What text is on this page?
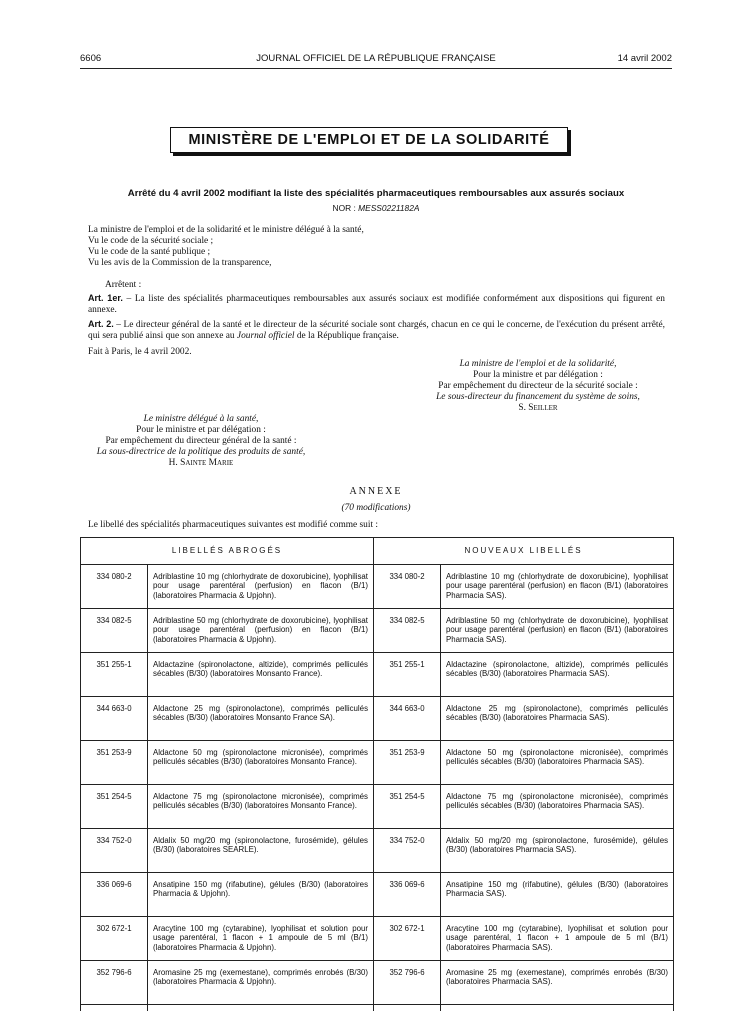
6606	JOURNAL OFFICIEL DE LA RÉPUBLIQUE FRANÇAISE	14 avril 2002
MINISTÈRE DE L'EMPLOI ET DE LA SOLIDARITÉ
Arrêté du 4 avril 2002 modifiant la liste des spécialités pharmaceutiques remboursables aux assurés sociaux
NOR : MESS0221182A
La ministre de l'emploi et de la solidarité et le ministre délégué à la santé,
Vu le code de la sécurité sociale ;
Vu le code de la santé publique ;
Vu les avis de la Commission de la transparence,
Arrêtent :
Art. 1er. – La liste des spécialités pharmaceutiques remboursables aux assurés sociaux est modifiée conformément aux dispositions qui figurent en annexe.
Art. 2. – Le directeur général de la santé et le directeur de la sécurité sociale sont chargés, chacun en ce qui le concerne, de l'exécution du présent arrêté, qui sera publié ainsi que son annexe au Journal officiel de la République française.
Fait à Paris, le 4 avril 2002.
La ministre de l'emploi et de la solidarité,
Pour la ministre et par délégation :
Par empêchement du directeur de la sécurité sociale :
Le sous-directeur du financement du système de soins,
S. Seiller
Le ministre délégué à la santé,
Pour le ministre et par délégation :
Par empêchement du directeur général de la santé :
La sous-directrice de la politique des produits de santé,
H. Sainte Marie
ANNEXE
(70 modifications)
Le libellé des spécialités pharmaceutiques suivantes est modifié comme suit :
LIBELLÉS ABROGÉS		NOUVEAUX LIBELLÉS	
334 080-2	Adriblastine 10 mg (chlorhydrate de doxorubicine), lyophilisat pour usage parentéral (perfusion) en flacon (B/1) (laboratoires Pharmacia & Upjohn).	334 080-2	Adriblastine 10 mg (chlorhydrate de doxorubicine), lyophilisat pour usage parentéral (perfusion) en flacon (B/1) (laboratoires Pharmacia SAS).
334 082-5	Adriblastine 50 mg (chlorhydrate de doxorubicine), lyophilisat pour usage parentéral (perfusion) en flacon (B/1) (laboratoires Pharmacia & Upjohn).	334 082-5	Adriblastine 50 mg (chlorhydrate de doxorubicine), lyophilisat pour usage parentéral (perfusion) en flacon (B/1) (laboratoires Pharmacia SAS).
351 255-1	Aldactazine (spironolactone, altizide), comprimés pelliculés sécables (B/30) (laboratoires Monsanto France).	351 255-1	Aldactazine (spironolactone, altizide), comprimés pelliculés sécables (B/30) (laboratoires Pharmacia SAS).
344 663-0	Aldactone 25 mg (spironolactone), comprimés pelliculés sécables (B/30) (laboratoires Monsanto France SA).	344 663-0	Aldactone 25 mg (spironolactone), comprimés pelliculés sécables (B/30) (laboratoires Pharmacia SAS).
351 253-9	Aldactone 50 mg (spironolactone micronisée), comprimés pelliculés sécables (B/30) (laboratoires Monsanto France).	351 253-9	Aldactone 50 mg (spironolactone micronisée), comprimés pelliculés sécables (B/30) (laboratoires Pharmacia SAS).
351 254-5	Aldactone 75 mg (spironolactone micronisée), comprimés pelliculés sécables (B/30) (laboratoires Monsanto France).	351 254-5	Aldactone 75 mg (spironolactone micronisée), comprimés pelliculés sécables (B/30) (laboratoires Pharmacia SAS).
334 752-0	Aldalix 50 mg/20 mg (spironolactone, furosémide), gélules (B/30) (laboratoires SEARLE).	334 752-0	Aldalix 50 mg/20 mg (spironolactone, furosémide), gélules (B/30) (laboratoires Pharmacia SAS).
336 069-6	Ansatipine 150 mg (rifabutine), gélules (B/30) (laboratoires Pharmacia & Upjohn).	336 069-6	Ansatipine 150 mg (rifabutine), gélules (B/30) (laboratoires Pharmacia SAS).
302 672-1	Aracytine 100 mg (cytarabine), lyophilisat et solution pour usage parentéral, 1 flacon + 1 ampoule de 5 ml (B/1) (laboratoires Pharmacia & Upjohn).	302 672-1	Aracytine 100 mg (cytarabine), lyophilisat et solution pour usage parentéral, 1 flacon + 1 ampoule de 5 ml (B/1) (laboratoires Pharmacia SAS).
352 796-6	Aromasine 25 mg (exemestane), comprimés enrobés (B/30) (laboratoires Pharmacia & Upjohn).	352 796-6	Aromasine 25 mg (exemestane), comprimés enrobés (B/30) (laboratoires Pharmacia SAS).
